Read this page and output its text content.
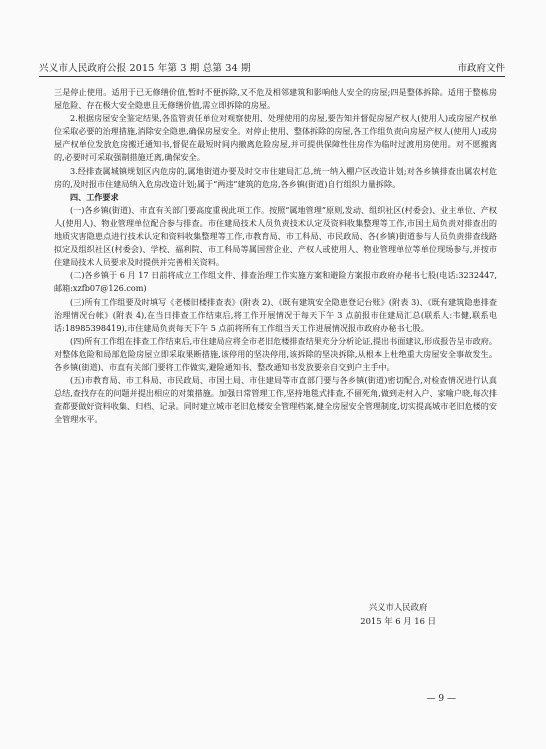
兴义市人民政府公报 2015 年第 3 期 总第 34 期	市政府文件

三是停止使用。适用于已无修缮价值,暂时不便拆除,又不危及相邻建筑和影响他人安全的房屋;四是整体拆除。适用于整栋房屋危险、存在极大安全隐患且无修缮价值,需立即拆除的房屋。

2.根据房屋安全鉴定结果,各监管责任单位对观察使用、处理使用的房屋,要告知并督促房屋产权人(使用人)或房屋产权单位采取必要的治理措施,消除安全隐患,确保房屋安全。对停止使用、整体拆除的房屋,各工作组负责向房屋产权人(使用人)或房屋产权单位发放危房搬迁通知书,督促在最短时间内撤离危险房屋,并可提供保障性住房作为临时过渡用房使用。对不愿搬离的,必要时可采取强制措施迁离,确保安全。

3.经排查属城镇规划区内危房的,属地街道办要及时交市住建局汇总,统一纳入棚户区改造计划;对各乡镇排查出属农村危房的,及时报市住建局纳入危房改造计划;属于“两违”建筑的危房,各乡镇(街道)自行组织力量拆除。

四、工作要求

(一)各乡镇(街道)、市直有关部门要高度重视此项工作。按照“属地管理”原则,发动、组织社区(村委会)、业主单位、产权人(使用人)、物业管理单位配合参与排查。市住建局技术人员负责技术认定及资料收集整理等工作,市国土局负责对排查出的地质灾害隐患点进行技术认定和资料收集整理等工作,市教育局、市工科局、市民政局、各(乡镇)街道参与人员负责排查线路拟定及组织社区(村委会)、学校、福利院、市工科局等属国营企业、产权人或使用人、物业管理单位等单位现场参与,并按市住建局技术人员要求及时提供并完善相关资料。

(二)各乡镇于 6 月 17 日前将成立工作组文件、排查治理工作实施方案和避险方案报市政府办秘书七股(电话:3232447,邮箱:xzfb07@126.com)

(三)所有工作组要及时填写《老楼旧楼排查表》(附表 2)、《既有建筑安全隐患登记台账》(附表 3)、《既有建筑隐患排查治理情况台帐》(附表 4),在当日排查工作结束后,将工作开展情况于每天下午 3 点前报市住建局汇总(联系人:韦健,联系电话:18985398419),市住建局负责每天下午 5 点前将所有工作组当天工作进展情况报市政府办秘书七股。

(四)所有工作组在排查工作结束后,市住建局应将全市老旧危楼排查结果充分分析论证,提出书面建议,形成报告呈市政府。对整体危险和局部危险房屋立即采取果断措施,该停用的坚决停用,该拆除的坚决拆除,从根本上杜绝重大房屋安全事故发生。各乡镇(街道)、市直有关部门要将工作做实,避险通知书、整改通知书发放要亲自交到户主手中。

(五)市教育局、市工科局、市民政局、市国土局、市住建局等市直部门要与各乡镇(街道)密切配合,对检查情况进行认真总结,查找存在的问题并提出相应的对策措施。加强日常管理工作,坚持地毯式排查,不留死角,做到走村入户、家喻户晓,每次排查都要做好资料收集、归档、记录。同时建立城市老旧危楼安全管理档案,健全房屋安全管理制度,切实提高城市老旧危楼的安全管理水平。

兴义市人民政府
2015 年 6 月 16 日
— 9 —
